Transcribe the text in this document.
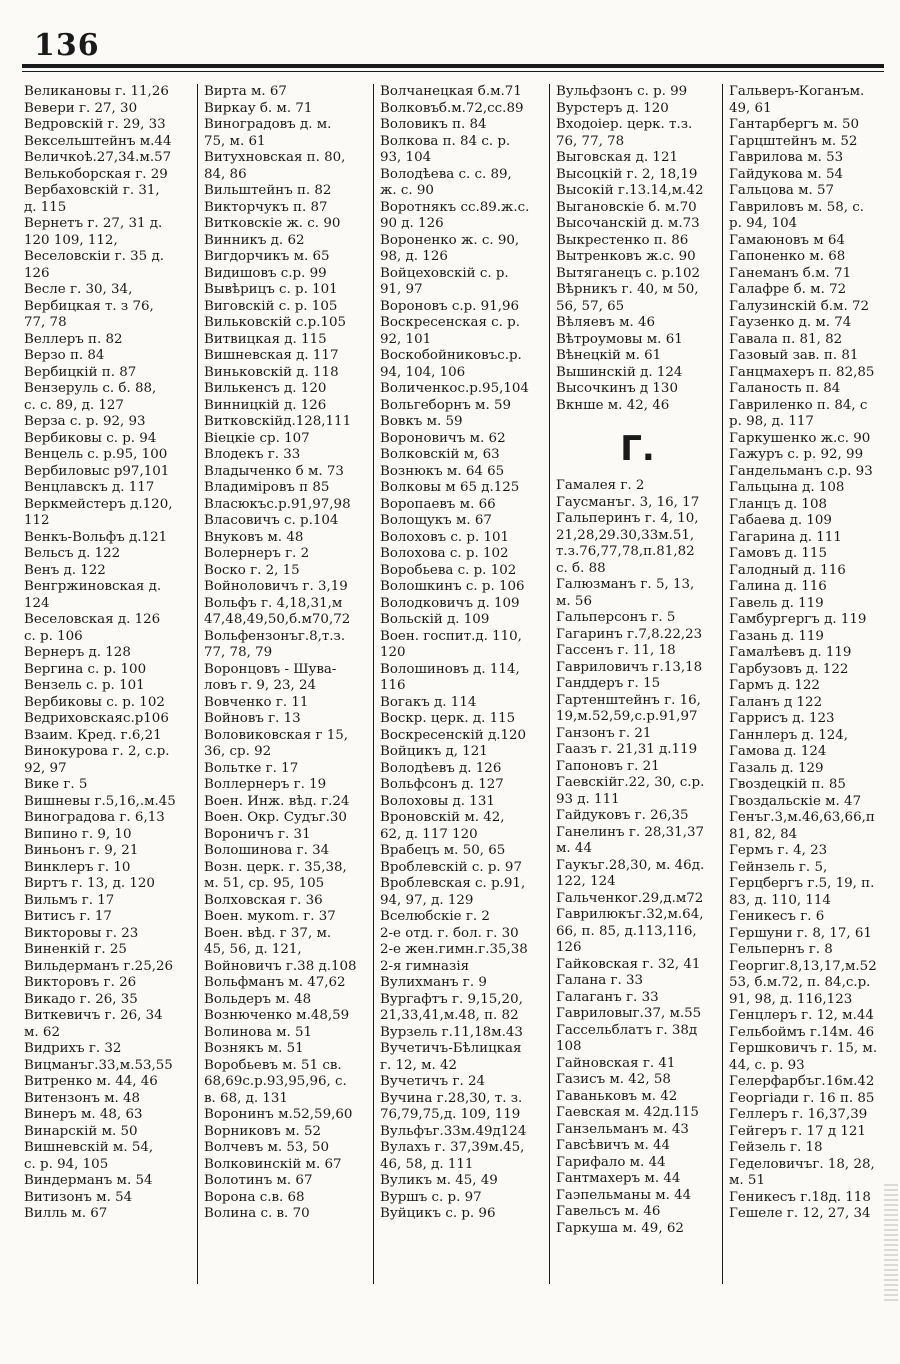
136
Великановы г. 11,26
Вевери г. 27, 30
Ведровскій г. 29, 33
Вексельштейнъ м.44
Величкоѣ.27,34.м.57
Велькоборская г. 29
Вербаховскій г. 31,
д. 115
Вернетъ г. 27, 31 д.
120 109, 112,
Веселовскіи г. 35 д.
126
Весле г. 30, 34,
Вербицкая т. з 76,
77, 78
Веллеръ п. 82
Верзо п. 84
Вербицкій п. 87
Вензеруль с. б. 88,
с. с. 89, д. 127
Верза с. р. 92, 93
Вербиковы с. р. 94
Венцель с. р.95, 100
Вербиловыс р97,101
Венцлавскъ д. 117
Веркмейстеръ д.120,
112
Венкъ-Вольфъ д.121
Вельсъ д. 122
Венъ д. 122
Венгржиновская д.
124
Веселовская д. 126
с. р. 106
Вернеръ д. 128
Вергина с. р. 100
Вензель с. р. 101
Вербиковы с. р. 102
Ведриховскаяс.р106
Взаим. Кред. г.6,21
Винокурова г. 2, с.р.
92, 97
Вике г. 5
Вишневы г.5,16,.м.45
Виноградова г. 6,13
Випино г. 9, 10
Виньонъ г. 9, 21
Винклеръ г. 10
Виртъ г. 13, д. 120
Вильмъ г. 17
Витисъ г. 17
Викторовы г. 23
Виненкій г. 25
Вильдерманъ г.25,26
Викторовъ г. 26
Викадо г. 26, 35
Виткевичъ г. 26, 34
м. 62
Видрихъ г. 32
Вицманъг.33,м.53,55
Витренко м. 44, 46
Витензонъ м. 48
Винеръ м. 48, 63
Винарскій м. 50
Вишневскій м. 54,
с. р. 94, 105
Виндерманъ м. 54
Витизонъ м. 54
Вилль м. 67
Вирта м. 67
Виркау б. м. 71
Виноградовъ д. м.
75, м. 61
Витухновская п. 80,
84, 86
Вильштейнъ п. 82
Викторчукъ п. 87
Витковскіе ж. с. 90
Винникъ д. 62
Вигдорчикъ м. 65
Видишовъ с.р. 99
Вывѣрицъ с. р. 101
Виговскій с. р. 105
Вильковскій с.р.105
Витвицкая д. 115
Вишневская д. 117
Виньковскій д. 118
Вилькенсъ д. 120
Винницкій д. 126
Витковскійд.128,111
Віецкіе ср. 107
Влодекъ г. 33
Владыченко б м. 73
Владиміровъ п 85
Власюкъс.р.91,97,98
Власовичъ с. р.104
Внуковъ м. 48
Волернеръ г. 2
Воско г. 2, 15
Войноловичъ г. 3,19
Вольфъ г. 4,18,31,м
47,48,49,50,б.м70,72
Вольфензонъг.8,т.з.
77, 78, 79
Воронцовъ - Шува-
ловъ г. 9, 23, 24
Вовченко г. 11
Войновъ г. 13
Воловиковская г 15,
36, ср. 92
Вольтке г. 17
Воллернеръ г. 19
Воен. Инж. вѣд. г.24
Воен. Окр. Судъг.30
Вороничъ г. 31
Волошинова г. 34
Возн. церк. г. 35,38,
м. 51, ср. 95, 105
Волховская г. 36
Воен. мукоm. г. 37
Воен. вѣд. г 37, м.
45, 56, д. 121,
Войновичъ г.38 д.108
Вольфманъ м. 47,62
Вольдеръ м. 48
Вознюченко м.48,59
Волинова м. 51
Вознякъ м. 51
Воробьевъ м. 51 св.
68,69с.р.93,95,96, с.
в. 68, д. 131
Воронинъ м.52,59,60
Ворниковъ м. 52
Волчевъ м. 53, 50
Волковинскій м. 67
Волотинъ м. 67
Ворона с.в. 68
Волина с. в. 70
Волчанецкая б.м.71
Волковъб.м.72,сс.89
Воловикъ п. 84
Волкова п. 84 с. р.
93, 104
Володѣева с. с. 89,
ж. с. 90
Воротнякъ сс.89.ж.с.
90 д. 126
Вороненко ж. с. 90,
98, д. 126
Войцеховскій с. р.
91, 97
Вороновъ с.р. 91,96
Воскресенская с. р.
92, 101
Воскобойниковъс.р.
94, 104, 106
Воличенкос.р.95,104
Вольгеборнъ м. 59
Вовкъ м. 59
Вороновичъ м. 62
Волковскій м, 63
Вознюкъ м. 64 65
Волковы м 65 д.125
Воропаевъ м. 66
Волощукъ м. 67
Волоховъ с. р. 101
Волохова с. р. 102
Воробьева с. р. 102
Волошкинъ с. р. 106
Володковичъ д. 109
Вольскій д. 109
Воен. госпит.д. 110,
120
Волошиновъ д. 114,
116
Вогакъ д. 114
Воскр. церк. д. 115
Воскресенскій д.120
Войцикъ д, 121
Володѣевъ д. 126
Вольфсонъ д. 127
Волоховы д. 131
Вроновскій м. 42,
62, д. 117 120
Врабецъ м. 50, 65
Вроблевскій с. р. 97
Вроблевская с. р.91,
94, 97, д. 129
Вселюбскіе г. 2
2-е отд. г. бол. г. 30
2-е жен.гимн.г.35,38
2-я гимназія
Вулихманъ г. 9
Вургафтъ г. 9,15,20,
21,33,41,м.48, п. 82
Вурзель г.11,18м.43
Вучетичъ-Бѣлицкая
г. 12, м. 42
Вучетичъ г. 24
Вучина г.28,30, т. з.
76,79,75,д. 109, 119
Вульфъг.33м.49д124
Вулахъ г. 37,39м.45,
46, 58, д. 111
Вуликъ м. 45, 49
Вуршъ с. р. 97
Вуйцикъ с. р. 96
Вульфзонъ с. р. 99
Вурстеръ д. 120
Входоіер. церк. т.з.
76, 77, 78
Выговская д. 121
Высоцкій г. 2, 18,19
Высокій г.13.14,м.42
Выгановскіе б. м.70
Высочанскій д. м.73
Выкрестенко п. 86
Вытренковъ ж.с. 90
Вытяганецъ с. р.102
Вѣрникъ г. 40, м 50,
56, 57, 65
Вѣляевъ м. 46
Вѣтроумовы м. 61
Вѣнецкій м. 61
Вышинскій д. 124
Высочкинъ д 130
Вкнше м. 42, 46
Г.
Гамалея г. 2
Гаусманъг. 3, 16, 17
Гальперинъ г. 4, 10,
21,28,29.30,33м.51,
т.з.76,77,78,п.81,82
с. б. 88
Галюзманъ г. 5, 13,
м. 56
Гальперсонъ г. 5
Гагаринъ г.7,8.22,23
Гассенъ г. 11, 18
Гавриловичъ г.13,18
Ганддеръ г. 15
Гартенштейнъ г. 16,
19,м.52,59,с.р.91,97
Ганзонъ г. 21
Гаазъ г. 21,31 д.119
Гапоновъ г. 21
Гаевскійг.22, 30, с.р.
93 д. 111
Гайдуковъ г. 26,35
Ганелинъ г. 28,31,37
м. 44
Гаукъг.28,30, м. 46д.
122, 124
Гальченког.29,д.м72
Гаврилюкъг.32,м.64,
66, п. 85, д.113,116,
126
Гайковская г. 32, 41
Галана г. 33
Галаганъ г. 33
Гавриловыг.37, м.55
Гассельблатъ г. 38д
108
Гайновская г. 41
Газисъ м. 42, 58
Гаваньковъ м. 42
Гаевская м. 42д.115
Ганзельманъ м. 43
Гавсѣвичъ м. 44
Гарифало м. 44
Гантмахеръ м. 44
Гаэпельманы м. 44
Гавельсъ м. 46
Гаркуша м. 49, 62
Гальверъ-Коганъм.
49, 61
Гантарбергъ м. 50
Гарцштейнъ м. 52
Гаврилова м. 53
Гайдукова м. 54
Гальцова м. 57
Гавриловъ м. 58, с.
р. 94, 104
Гамаюновъ м 64
Гапоненко м. 68
Ганеманъ б.м. 71
Галафре б. м. 72
Галузинскій б.м. 72
Гаузенко д. м. 74
Гавала п. 81, 82
Газовый зав. п. 81
Ганцмахеръ п. 82,85
Галаность п. 84
Гавриленко п. 84, с
р. 98, д. 117
Гаркушенко ж.с. 90
Гажуръ с. р. 92, 99
Гандельманъ с.р. 93
Гальцына д. 108
Гланцъ д. 108
Габаева д. 109
Гагарина д. 111
Гамовъ д. 115
Галодный д. 116
Галина д. 116
Гавель д. 119
Гамбургергъ д. 119
Газань д. 119
Гамалѣевъ д. 119
Гарбузовъ д. 122
Гармъ д. 122
Галанъ д 122
Гаррисъ д. 123
Ганнлеръ д. 124,
Гамова д. 124
Газаль д. 129
Гвоздецкій п. 85
Гвоздальскіе м. 47
Генъг.3,м.46,63,66,п
81, 82, 84
Гермъ г. 4, 23
Гейнзель г. 5,
Герцбергъ г.5, 19, п.
83, д. 110, 114
Геникесъ г. 6
Гершуни г. 8, 17, 61
Гельпернъ г. 8
Георгиг.8,13,17,м.52
53, б.м.72, п. 84,с.р.
91, 98, д. 116,123
Генцлеръ г. 12, м.44
Гельбоймъ г.14м. 46
Гершковичъ г. 15, м.
44, с. р. 93
Гелерфарбъг.16м.42
Георгіади г. 16 п. 85
Геллеръ г. 16,37,39
Гейгеръ г. 17 д 121
Гейзель г. 18
Геделовичъг. 18, 28,
м. 51
Геникесъ г.18д. 118
Гешеле г. 12, 27, 34
